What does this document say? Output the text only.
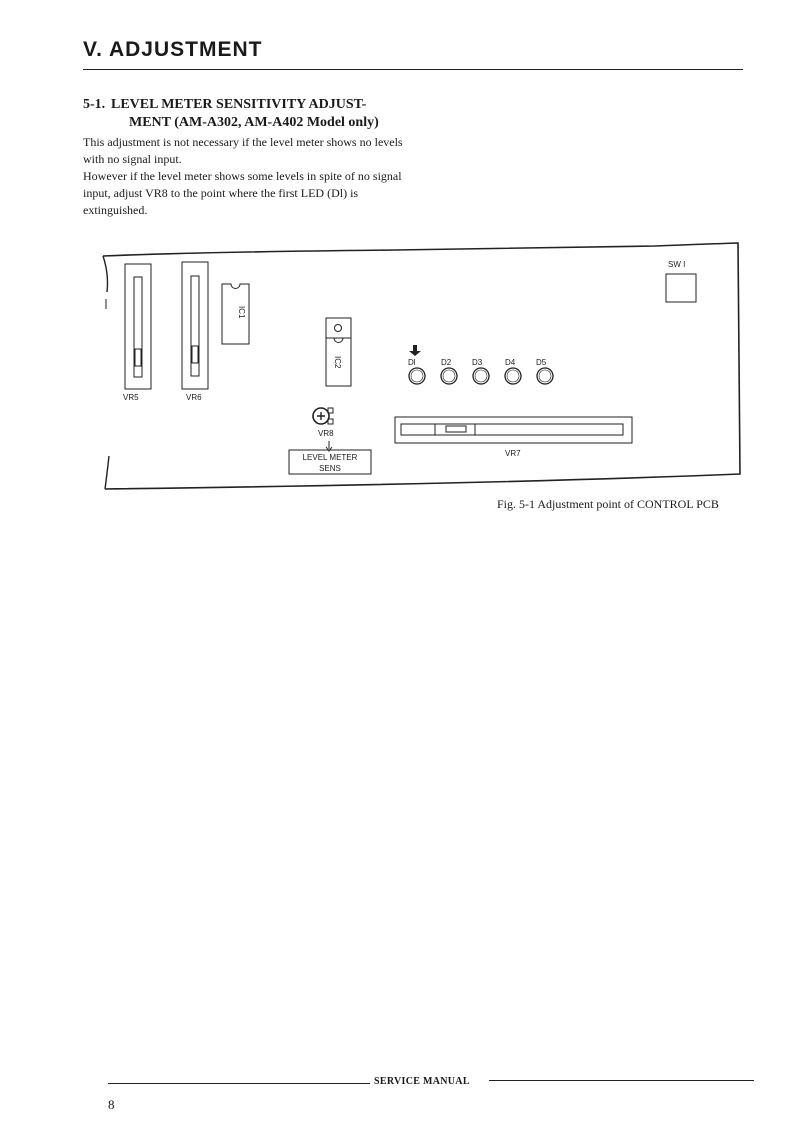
V. ADJUSTMENT
5-1. LEVEL METER SENSITIVITY ADJUST-
MENT (AM-A302, AM-A402 Model only)

This adjustment is not necessary if the level meter shows no levels with no signal input.

However if the level meter shows some levels in spite of no signal input, adjust VR8 to the point where the first LED (Dl) is extinguished.

VR5	VR6
IC1
IC2
VR8
LEVEL METER
SENS
Dl	D2	D3	D4	D5
VR7
SW I

Fig. 5-1 Adjustment point of CONTROL PCB

SERVICE MANUAL
8
